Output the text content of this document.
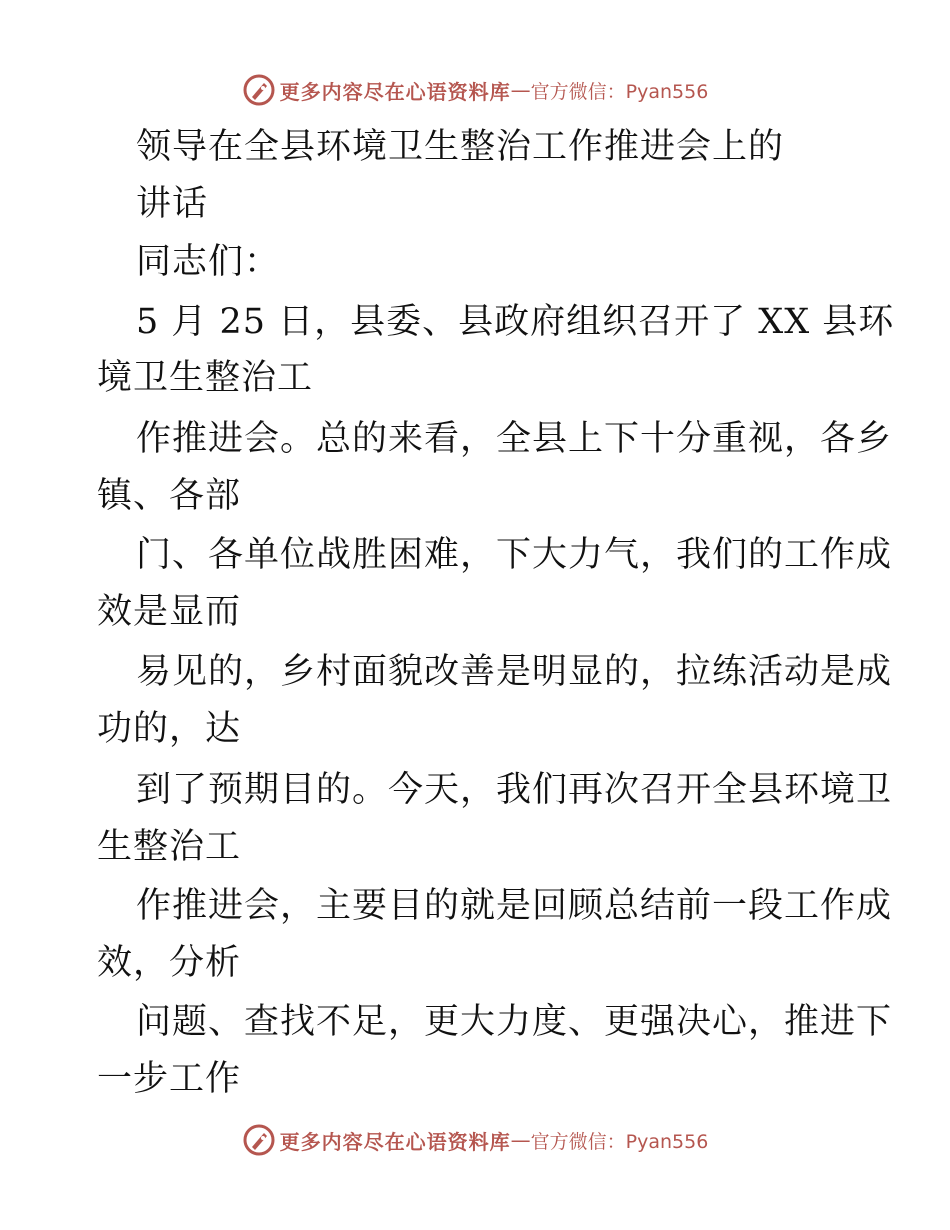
更多内容尽在心语资料库 — 官方微信：Pyan556
领导在全县环境卫生整治工作推进会上的
讲话
同志们：
5 月 25 日，县委、县政府组织召开了 XX 县环
境卫生整治工
作推进会。总的来看，全县上下十分重视，各乡
镇、各部
门、各单位战胜困难，下大力气，我们的工作成
效是显而
易见的，乡村面貌改善是明显的，拉练活动是成
功的，达
到了预期目的。今天，我们再次召开全县环境卫
生整治工
作推进会，主要目的就是回顾总结前一段工作成
效，分析
问题、查找不足，更大力度、更强决心，推进下
一步工作
更多内容尽在心语资料库 — 官方微信：Pyan556
